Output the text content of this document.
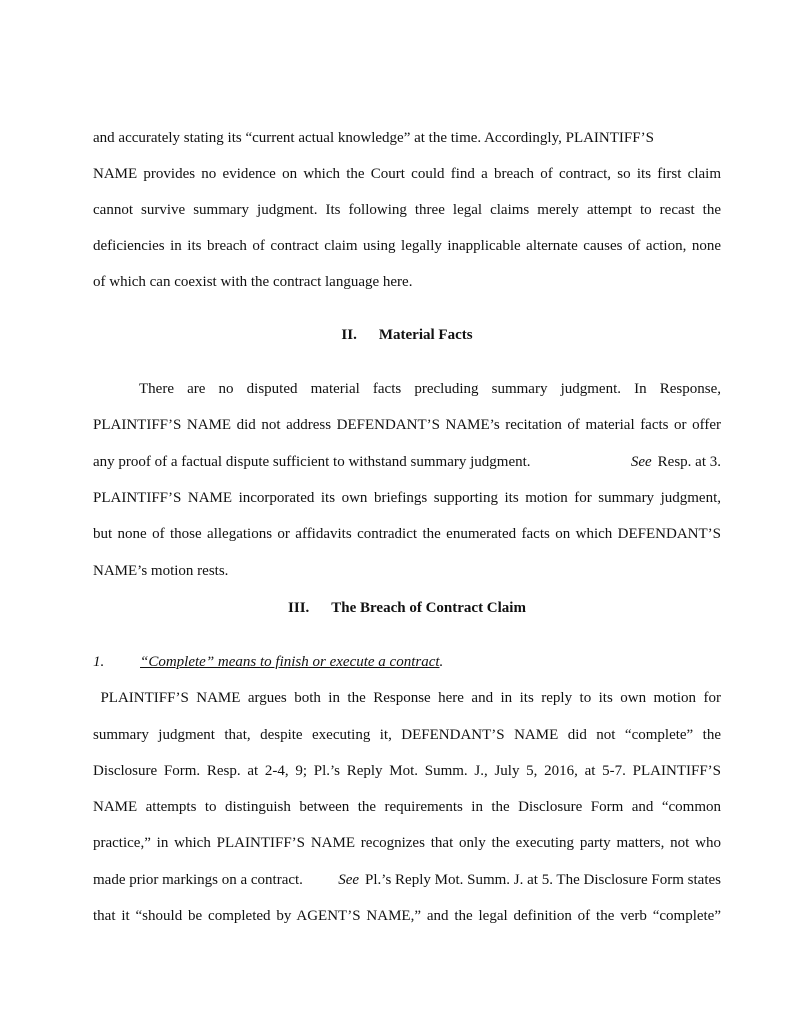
and accurately stating its “current actual knowledge” at the time. Accordingly, PLAINTIFF’S

NAME provides no evidence on which the Court could find a breach of contract, so its first claim

cannot survive summary judgment. Its following three legal claims merely attempt to recast the

deficiencies in its breach of contract claim using legally inapplicable alternate causes of action, none

of which can coexist with the contract language here.

II. Material Facts

There are no disputed material facts precluding summary judgment. In Response,

PLAINTIFF’S NAME did not address DEFENDANT’S NAME’s recitation of material facts or offer

any proof of a factual dispute sufficient to withstand summary judgment.	See Resp. at 3.

PLAINTIFF’S NAME incorporated its own briefings supporting its motion for summary judgment,

but none of those allegations or affidavits contradict the enumerated facts on which DEFENDANT’S

NAME’s motion rests.

III. The Breach of Contract Claim

1. “Complete” means to finish or execute a contract.

PLAINTIFF’S NAME argues both in the Response here and in its reply to its own motion for

summary judgment that, despite executing it, DEFENDANT’S NAME did not “complete” the

Disclosure Form. Resp. at 2-4, 9; Pl.’s Reply Mot. Summ. J., July 5, 2016, at 5-7. PLAINTIFF’S

NAME attempts to distinguish between the requirements in the Disclosure Form and “common

practice,” in which PLAINTIFF’S NAME recognizes that only the executing party matters, not who

made prior markings on a contract. See Pl.’s Reply Mot. Summ. J. at 5. The Disclosure Form states

that it “should be completed by AGENT’S NAME,” and the legal definition of the verb “complete”
